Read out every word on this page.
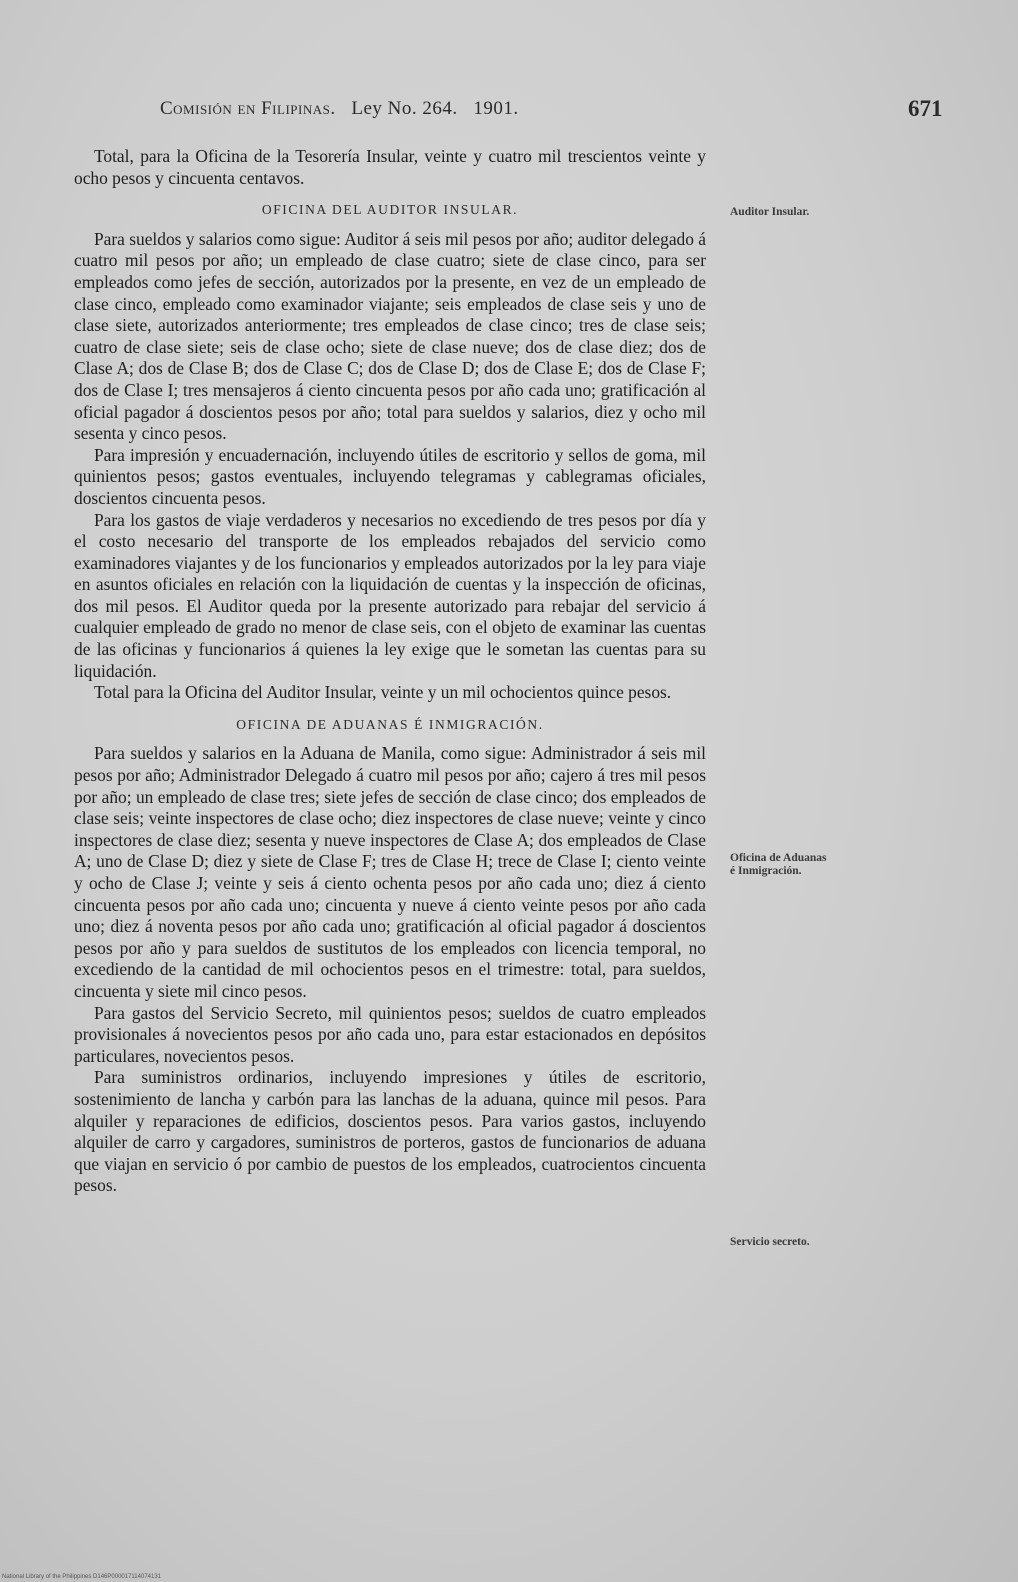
Comisión en Filipinas. Ley No. 264. 1901.	671

Total, para la Oficina de la Tesorería Insular, veinte y cuatro mil trescientos veinte y ocho pesos y cincuenta centavos.

OFICINA DEL AUDITOR INSULAR.

Para sueldos y salarios como sigue: Auditor á seis mil pesos por año; auditor delegado á cuatro mil pesos por año; un empleado de clase cuatro; siete de clase cinco, para ser empleados como jefes de sección, autorizados por la presente, en vez de un empleado de clase cinco, empleado como examinador viajante; seis empleados de clase seis y uno de clase siete, autorizados anteriormente; tres empleados de clase cinco; tres de clase seis; cuatro de clase siete; seis de clase ocho; siete de clase nueve; dos de clase diez; dos de Clase A; dos de Clase B; dos de Clase C; dos de Clase D; dos de Clase E; dos de Clase F; dos de Clase I; tres mensajeros á ciento cincuenta pesos por año cada uno; gratificación al oficial pagador á doscientos pesos por año; total para sueldos y salarios, diez y ocho mil sesenta y cinco pesos.

Para impresión y encuadernación, incluyendo útiles de escritorio y sellos de goma, mil quinientos pesos; gastos eventuales, incluyendo telegramas y cablegramas oficiales, doscientos cincuenta pesos.

Para los gastos de viaje verdaderos y necesarios no excediendo de tres pesos por día y el costo necesario del transporte de los empleados rebajados del servicio como examinadores viajantes y de los funcionarios y empleados autorizados por la ley para viaje en asuntos oficiales en relación con la liquidación de cuentas y la inspección de oficinas, dos mil pesos. El Auditor queda por la presente autorizado para rebajar del servicio á cualquier empleado de grado no menor de clase seis, con el objeto de examinar las cuentas de las oficinas y funcionarios á quienes la ley exige que le sometan las cuentas para su liquidación.

Total para la Oficina del Auditor Insular, veinte y un mil ochocientos quince pesos.

OFICINA DE ADUANAS É INMIGRACIÓN.

Para sueldos y salarios en la Aduana de Manila, como sigue: Administrador á seis mil pesos por año; Administrador Delegado á cuatro mil pesos por año; cajero á tres mil pesos por año; un empleado de clase tres; siete jefes de sección de clase cinco; dos empleados de clase seis; veinte inspectores de clase ocho; diez inspectores de clase nueve; veinte y cinco inspectores de clase diez; sesenta y nueve inspectores de Clase A; dos empleados de Clase A; uno de Clase D; diez y siete de Clase F; tres de Clase H; trece de Clase I; ciento veinte y ocho de Clase J; veinte y seis á ciento ochenta pesos por año cada uno; diez á ciento cincuenta pesos por año cada uno; cincuenta y nueve á ciento veinte pesos por año cada uno; diez á noventa pesos por año cada uno; gratificación al oficial pagador á doscientos pesos por año y para sueldos de sustitutos de los empleados con licencia temporal, no excediendo de la cantidad de mil ochocientos pesos en el trimestre: total, para sueldos, cincuenta y siete mil cinco pesos.

Para gastos del Servicio Secreto, mil quinientos pesos; sueldos de cuatro empleados provisionales á novecientos pesos por año cada uno, para estar estacionados en depósitos particulares, novecientos pesos.

Para suministros ordinarios, incluyendo impresiones y útiles de escritorio, sostenimiento de lancha y carbón para las lanchas de la aduana, quince mil pesos. Para alquiler y reparaciones de edificios, doscientos pesos. Para varios gastos, incluyendo alquiler de carro y cargadores, suministros de porteros, gastos de funcionarios de aduana que viajan en servicio ó por cambio de puestos de los empleados, cuatrocientos cincuenta pesos.

Auditor Insular.
Oficina de Aduanas
é Inmigración.
Servicio secreto.
National Library of the Philippines D146P000017114074131
